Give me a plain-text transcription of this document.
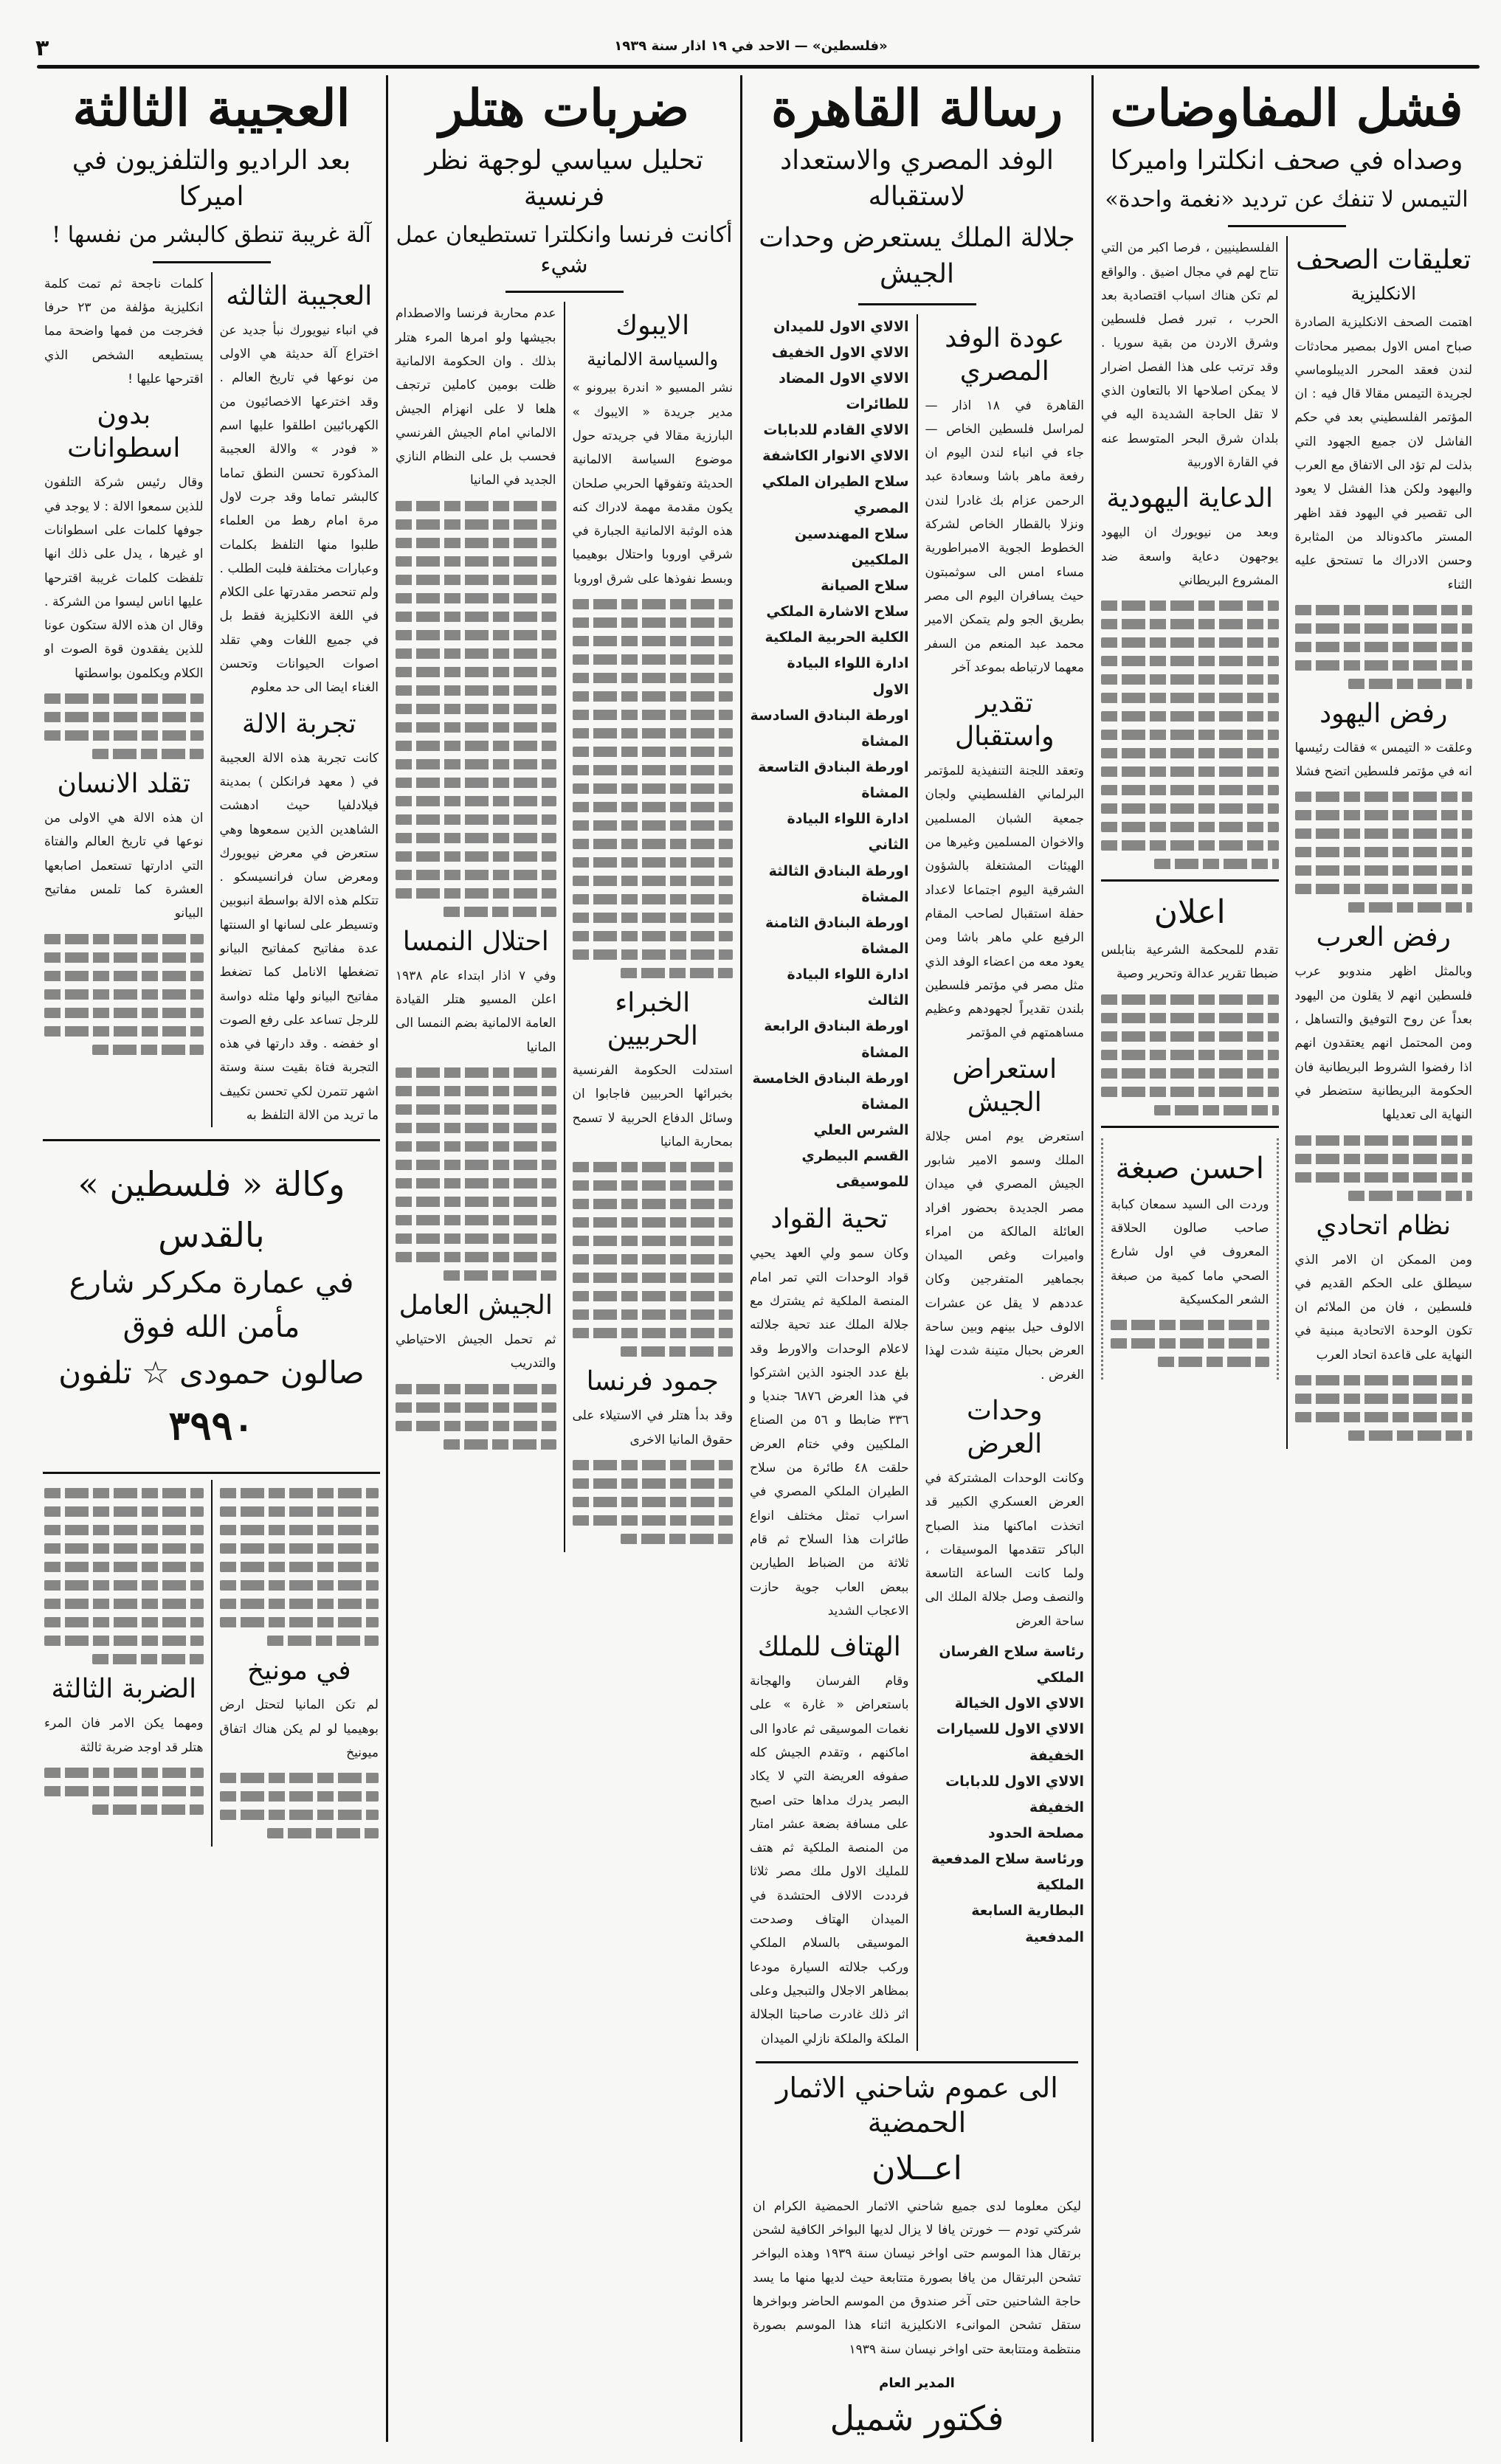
٣	«فلسطين» — الاحد في ١٩ اذار سنة ١٩٣٩
فشل المفاوضات
وصداه في صحف انكلترا واميركا
التيمس لا تنفك عن ترديد «نغمة واحدة»
تعليقات الصحف
الانكليزية
اهتمت الصحف الانكليزية الصادرة صباح امس الاول بمصير محادثات لندن فعقد المحرر الديبلوماسي لجريدة التيمس مقالا قال فيه : ان المؤتمر الفلسطيني بعد في حكم الفاشل لان جميع الجهود التي بذلت لم تؤد الى الاتفاق مع العرب واليهود ولكن هذا الفشل لا يعود الى تقصير في اليهود فقد اظهر المستر ماكدونالد من المثابرة وحسن الادراك ما تستحق عليه الثناء
رفض اليهود
وعلقت « التيمس » فقالت رئيسها انه في مؤتمر فلسطين اتضح فشلا
رفض العرب
وبالمثل اظهر مندوبو عرب فلسطين انهم لا يقلون من اليهود بعداً عن روح التوفيق والتساهل ، ومن المحتمل انهم يعتقدون انهم اذا رفضوا الشروط البريطانية فان الحكومة البريطانية ستضطر في النهاية الى تعديلها
نظام اتحادي
ومن الممكن ان الامر الذي سيطلق على الحكم القديم في فلسطين ، فان من الملائم ان تكون الوحدة الاتحادية مبنية في النهاية على قاعدة اتحاد العرب
الفلسطينيين ، فرصا اكبر من التي تتاح لهم في مجال اضيق . والواقع لم تكن هناك اسباب اقتصادية بعد الحرب ، تبرر فصل فلسطين وشرق الاردن من بقية سوريا . وقد ترتب على هذا الفصل اضرار لا يمكن اصلاحها الا بالتعاون الذي لا تقل الحاجة الشديدة اليه في بلدان شرق البحر المتوسط عنه في القارة الاوربية
الدعاية اليهودية
وبعد من نيويورك ان اليهود يوجهون دعاية واسعة ضد المشروع البريطاني
اعلان
تقدم للمحكمة الشرعية بنابلس ضبطا تقرير عدالة وتحرير وصية
احسن صبغة
وردت الى السيد سمعان كبابة صاحب صالون الحلاقة المعروف في اول شارع الصحي ماما كمية من صبغة الشعر المكسيكية
رسالة القاهرة
الوفد المصري والاستعداد لاستقباله
جلالة الملك يستعرض وحدات الجيش
عودة الوفد المصري
القاهرة في ١٨ اذار — لمراسل فلسطين الخاص — جاء في انباء لندن اليوم ان رفعة ماهر باشا وسعادة عبد الرحمن عزام بك غادرا لندن ونزلا بالقطار الخاص لشركة الخطوط الجوية الامبراطورية مساء امس الى سوثمبتون حيث يسافران اليوم الى مصر بطريق الجو ولم يتمكن الامير محمد عبد المنعم من السفر معهما لارتباطه بموعد آخر
تقدير واستقبال
وتعقد اللجنة التنفيذية للمؤتمر البرلماني الفلسطيني ولجان جمعية الشبان المسلمين والاخوان المسلمين وغيرها من الهيئات المشتغلة بالشؤون الشرقية اليوم اجتماعا لاعداد حفلة استقبال لصاحب المقام الرفيع علي ماهر باشا ومن يعود معه من اعضاء الوفد الذي مثل مصر في مؤتمر فلسطين بلندن تقديراً لجهودهم وعظيم مساهمتهم في المؤتمر
استعراض الجيش
استعرض يوم امس جلالة الملك وسمو الامير شابور الجيش المصري في ميدان مصر الجديدة بحضور افراد العائلة المالكة من امراء واميرات وغص الميدان بجماهير المتفرجين وكان عددهم لا يقل عن عشرات الالوف حيل بينهم وبين ساحة العرض بحبال متينة شدت لهذا الغرض .
وحدات العرض
وكانت الوحدات المشتركة في العرض العسكري الكبير قد اتخذت اماكنها منذ الصباح الباكر تتقدمها الموسيقات ، ولما كانت الساعة التاسعة والنصف وصل جلالة الملك الى ساحة العرض
رئاسة سلاح الفرسان الملكي
الالاي الاول الخيالة
الالاي الاول للسيارات الخفيفة
الالاي الاول للدبابات الخفيفة
مصلحة الحدود
ورئاسة سلاح المدفعية الملكية
البطارية السابعة المدفعية
الالاي الاول للميدان
الالاي الاول الخفيف
الالاي الاول المضاد للطائرات
الالاي القادم للدبابات
الالاي الانوار الكاشفة
سلاح الطيران الملكي المصري
سلاح المهندسين الملكيين
سلاح الصيانة
سلاح الاشارة الملكي
الكلية الحربية الملكية
ادارة اللواء البيادة الاول
اورطة البنادق السادسة المشاة
اورطة البنادق التاسعة المشاة
ادارة اللواء البيادة الثاني
اورطة البنادق الثالثة المشاة
اورطة البنادق الثامنة المشاة
ادارة اللواء البيادة الثالث
اورطة البنادق الرابعة المشاة
اورطة البنادق الخامسة المشاة
الشرس العلي
القسم البيطري
للموسيقى
تحية القواد
وكان سمو ولي العهد يحيي قواد الوحدات التي تمر امام المنصة الملكية ثم يشترك مع جلالة الملك عند تحية جلالته لاعلام الوحدات والاورط وقد بلغ عدد الجنود الذين اشتركوا في هذا العرض ٦٨٧٦ جنديا و ٣٣٦ ضابطا و ٥٦ من الصناع الملكيين وفي ختام العرض حلقت ٤٨ طائرة من سلاح الطيران الملكي المصري في اسراب تمثل مختلف انواع طائرات هذا السلاح ثم قام ثلاثة من الضباط الطيارين ببعض العاب جوية حازت الاعجاب الشديد
الهتاف للملك
وقام الفرسان والهجانة باستعراض « غارة » على نغمات الموسيقى ثم عادوا الى اماكنهم ، وتقدم الجيش كله صفوفه العريضة التي لا يكاد البصر يدرك مداها حتى اصبح على مسافة بضعة عشر امتار من المنصة الملكية ثم هتف للمليك الاول ملك مصر ثلاثا فرددت الالاف الحتشدة في الميدان الهتاف وصدحت الموسيقى بالسلام الملكي وركب جلالته السيارة مودعا بمظاهر الاجلال والتبجيل وعلى اثر ذلك غادرت صاحبتا الجلالة الملكة والملكة نازلي الميدان
الى عموم شاحني الاثمار الحمضية
اعــلان
ليكن معلوما لدى جميع شاحني الاثمار الحمضية الكرام ان شركتي تودم — خورتن يافا لا يزال لديها البواخر الكافية لشحن برتقال هذا الموسم حتى اواخر نيسان سنة ١٩٣٩ وهذه البواخر تشحن البرتقال من يافا بصورة متتابعة حيث لديها منها ما يسد حاجة الشاحنين حتى آخر صندوق من الموسم الحاضر وبواخرها ستقل تشحن الموانىء الانكليزية اثناء هذا الموسم بصورة منتظمة ومتتابعة حتى اواخر نيسان سنة ١٩٣٩
المدير العام
فكتور شميل
ضربات هتلر
تحليل سياسي لوجهة نظر فرنسية
أكانت فرنسا وانكلترا تستطيعان عمل شيء
الايبوك
والسياسة الالمانية
نشر المسيو « اندرة بيرونو » مدير جريدة « الايبوك » البارزية مقالا في جريدته حول موضوع السياسة الالمانية الحديثة وتفوقها الحربي صلحان يكون مقدمة مهمة لادراك كنه هذه الوثبة الالمانية الجبارة في شرقي اوروبا واحتلال بوهيميا وبسط نفوذها على شرق اوروبا
الخبراء الحربيين
استدلت الحكومة الفرنسية بخبرائها الحربيين فاجابوا ان وسائل الدفاع الحربية لا تسمح بمحاربة المانيا
جمود فرنسا
وقد بدأ هتلر في الاستيلاء على حقوق المانيا الاخرى
عدم محاربة فرنسا والاصطدام بجيشها ولو امرها المرء هتلر بذلك . وان الحكومة الالمانية ظلت بومين كاملين ترتجف هلعا لا على انهزام الجيش الالماني امام الجيش الفرنسي فحسب بل على النظام النازي الجديد في المانيا
احتلال النمسا
وفي ٧ اذار ابتداء عام ١٩٣٨ اعلن المسيو هتلر القيادة العامة الالمانية بضم النمسا الى المانيا
الجيش العامل
ثم تحمل الجيش الاحتياطي والتدريب
العجيبة الثالثة
بعد الراديو والتلفزيون في اميركا
آلة غريبة تنطق كالبشر من نفسها !
العجيبة الثالثه
في انباء نيويورك نبأ جديد عن اختراع آلة حديثة هي الاولى من نوعها في تاريخ العالم . وقد اخترعها الاخصائيون من الكهربائيين اطلقوا عليها اسم « فودر » والالة العجيبة المذكورة تحسن النطق تماما كالبشر تماما وقد جرت لاول مرة امام رهط من العلماء طلبوا منها التلفظ بكلمات وعبارات مختلفة فلبت الطلب . ولم تنحصر مقدرتها على الكلام في اللغة الانكليزية فقط بل في جميع اللغات وهي تقلد اصوات الحيوانات وتحسن الغناء ايضا الى حد معلوم
تجربة الالة
كانت تجربة هذه الالة العجيبة في ( معهد فرانكلن ) بمدينة فيلادلفيا حيث ادهشت الشاهدين الذين سمعوها وهي ستعرض في معرض نيويورك ومعرض سان فرانسيسكو . تتكلم هذه الالة بواسطة انبوبين وتسيطر على لسانها او السنتها عدة مفاتيح كمفاتيح البيانو تضغطها الانامل كما تضغط مفاتيح البيانو ولها مثله دواسة للرجل تساعد على رفع الصوت او خفضه . وقد دارتها في هذه التجربة فتاة بقيت سنة وستة اشهر تتمرن لكي تحسن تكييف ما تريد من الالة التلفظ به
كلمات ناجحة ثم تمت كلمة انكليزية مؤلفة من ٢٣ حرفا فخرجت من فمها واضحة مما يستطيعه الشخص الذي اقترحها عليها !
بدون اسطوانات
وقال رئيس شركة التلفون للذين سمعوا الالة : لا يوجد في جوفها كلمات على اسطوانات او غيرها ، يدل على ذلك انها تلفظت كلمات غريبة اقترحها عليها اناس ليسوا من الشركة . وقال ان هذه الالة ستكون عونا للذين يفقدون قوة الصوت او الكلام ويكلمون بواسطتها
تقلد الانسان
ان هذه الالة هي الاولى من نوعها في تاريخ العالم والفتاة التي ادارتها تستعمل اصابعها العشرة كما تلمس مفاتيح البيانو
وكالة « فلسطين » بالقدس
في عمارة مكركر شارع مأمن الله فوق
صالون حمودى ☆ تلفون ٣٩٩٠
في مونيخ
لم تكن المانيا لتحتل ارض بوهيميا لو لم يكن هناك اتفاق ميونيخ
الضربة الثالثة
ومهما يكن الامر فان المرء هتلر قد اوجد ضربة ثالثة
